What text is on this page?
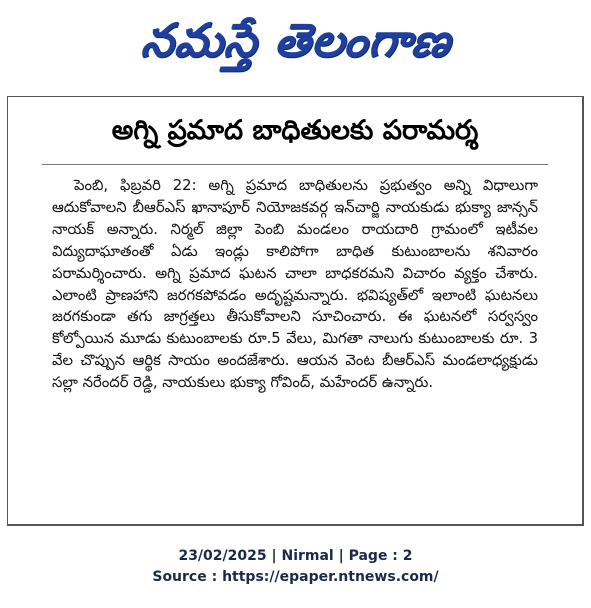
నమస్తే తెలంగాణ
అగ్ని ప్రమాద బాధితులకు పరామర్శ

పెంబి, ఫిబ్రవరి 22: అగ్ని ప్రమాద బాధితులను ప్రభుత్వం అన్ని విధాలుగా ఆదుకోవాలని బీఆర్ఎస్ ఖానాపూర్ నియోజకవర్గ ఇన్‌చార్జి నాయకుడు భుక్యా జాన్సన్ నాయక్ అన్నారు. నిర్మల్ జిల్లా పెంబి మండలం రాయదారి గ్రామంలో ఇటీవల విద్యుదాఘాతంతో ఏడు ఇండ్లు కాలిపోగా బాధిత కుటుంబాలను శనివారం పరామర్శించారు. అగ్ని ప్రమాద ఘటన చాలా బాధకరమని విచారం వ్యక్తం చేశారు. ఎలాంటి ప్రాణహాని జరగకపోవడం అదృష్టమన్నారు. భవిష్యత్‌లో ఇలాంటి ఘటనలు జరగకుండా తగు జాగ్రత్తలు తీసుకోవాలని సూచించారు. ఈ ఘటనలో సర్వస్వం కోల్పోయిన మూడు కుటుంబాలకు రూ.5 వేలు, మిగతా నాలుగు కుటుంబాలకు రూ. 3 వేల చొప్పున ఆర్థిక సాయం అందజేశారు. ఆయన వెంట బీఆర్ఎస్ మండలాధ్యక్షుడు సల్లా నరేందర్ రెడ్డి, నాయకులు భుక్యా గోవింద్, మహేందర్ ఉన్నారు.

23/02/2025 | Nirmal | Page : 2
Source : https://epaper.ntnews.com/
